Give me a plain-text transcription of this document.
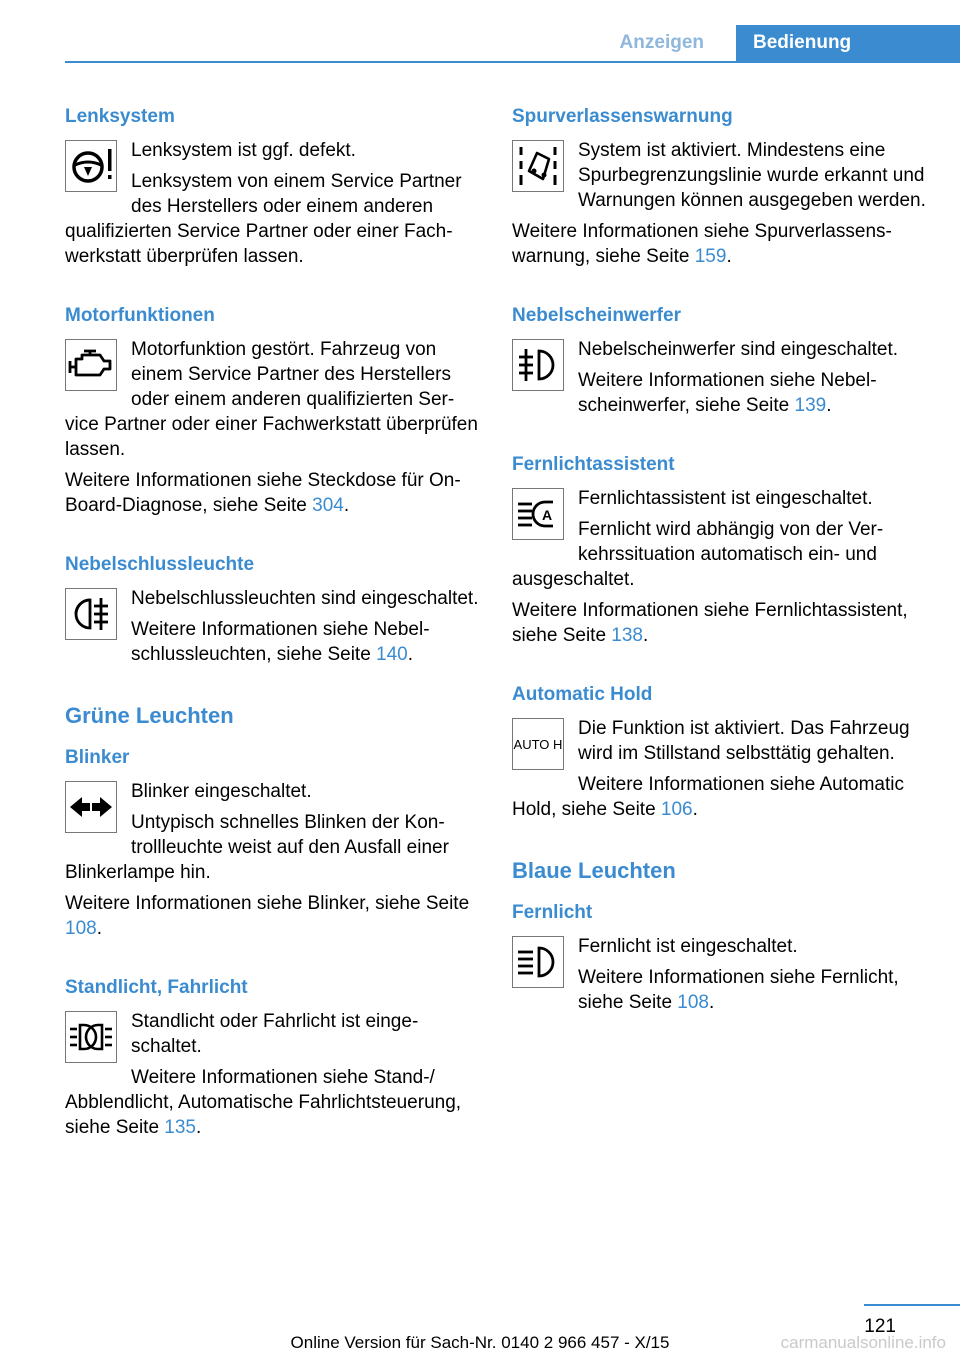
Anzeigen	Bedienung
Lenksystem

Lenksystem ist ggf. defekt.

Lenksystem von einem Service Partner des Herstellers oder einem anderen qualifizierten Service Partner oder einer Fachwerkstatt überprüfen lassen.

Motorfunktionen

Motorfunktion gestört. Fahrzeug von einem Service Partner des Herstellers oder einem anderen qualifizierten Service Partner oder einer Fachwerkstatt überprüfen lassen.

Weitere Informationen siehe Steckdose für On-Board-Diagnose, siehe Seite 304.

Nebelschlussleuchte

Nebelschlussleuchten sind eingeschaltet.

Weitere Informationen siehe Nebelschlussleuchten, siehe Seite 140.

Grüne Leuchten
Blinker

Blinker eingeschaltet.

Untypisch schnelles Blinken der Kontrollleuchte weist auf den Ausfall einer Blinkerlampe hin.

Weitere Informationen siehe Blinker, siehe Seite 108.

Standlicht, Fahrlicht

Standlicht oder Fahrlicht ist eingeschaltet.

Weitere Informationen siehe Stand-/ Abblendlicht, Automatische Fahrlichtsteuerung, siehe Seite 135.

Spurverlassenswarnung

System ist aktiviert. Mindestens eine Spurbegrenzungslinie wurde erkannt und Warnungen können ausgegeben werden.

Weitere Informationen siehe Spurverlassenswarnung, siehe Seite 159.

Nebelscheinwerfer

Nebelscheinwerfer sind eingeschaltet.

Weitere Informationen siehe Nebelscheinwerfer, siehe Seite 139.

Fernlichtassistent
A

Fernlichtassistent ist eingeschaltet.

Fernlicht wird abhängig von der Verkehrssituation automatisch ein- und ausgeschaltet.

Weitere Informationen siehe Fernlichtassistent, siehe Seite 138.

Automatic Hold
AUTO H

Die Funktion ist aktiviert. Das Fahrzeug wird im Stillstand selbsttätig gehalten.

Weitere Informationen siehe Automatic Hold, siehe Seite 106.

Blaue Leuchten
Fernlicht

Fernlicht ist eingeschaltet.

Weitere Informationen siehe Fernlicht, siehe Seite 108.

121
Online Version für Sach-Nr. 0140 2 966 457 - X/15	carmanualsonline.info
